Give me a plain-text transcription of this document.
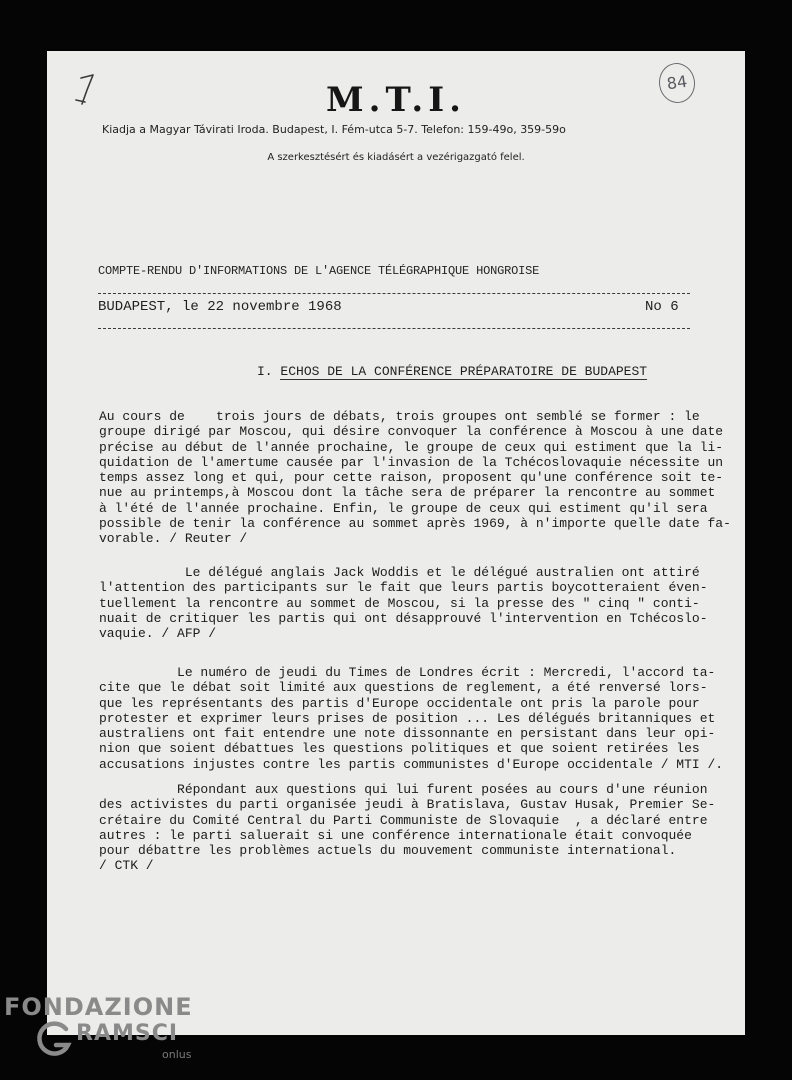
84
M.T.I.
Kiadja a Magyar Távirati Iroda. Budapest, I. Fém-utca 5-7. Telefon: 159-49o, 359-59o
A szerkesztésért és kiadásért a vezérigazgató felel.
COMPTE-RENDU D'INFORMATIONS DE L'AGENCE TÉLÉGRAPHIQUE HONGROISE
BUDAPEST, le 22 novembre 1968	No 6
I. ECHOS DE LA CONFÉRENCE PRÉPARATOIRE DE BUDAPEST
Au cours de    trois jours de débats, trois groupes ont semblé se former : le
groupe dirigé par Moscou, qui désire convoquer la conférence à Moscou à une date
précise au début de l'année prochaine, le groupe de ceux qui estiment que la li-
quidation de l'amertume causée par l'invasion de la Tchécoslovaquie nécessite un
temps assez long et qui, pour cette raison, proposent qu'une conférence soit te-
nue au printemps,à Moscou dont la tâche sera de préparer la rencontre au sommet
à l'été de l'année prochaine. Enfin, le groupe de ceux qui estiment qu'il sera
possible de tenir la conférence au sommet après 1969, à n'importe quelle date fa-
vorable. / Reuter /
Le délégué anglais Jack Woddis et le délégué australien ont attiré
l'attention des participants sur le fait que leurs partis boycotteraient éven-
tuellement la rencontre au sommet de Moscou, si la presse des " cinq " conti-
nuait de critiquer les partis qui ont désapprouvé l'intervention en Tchécoslo-
vaquie. / AFP /
Le numéro de jeudi du Times de Londres écrit : Mercredi, l'accord ta-
cite que le débat soit limité aux questions de reglement, a été renversé lors-
que les représentants des partis d'Europe occidentale ont pris la parole pour
protester et exprimer leurs prises de position ... Les délégués britanniques et
australiens ont fait entendre une note dissonnante en persistant dans leur opi-
nion que soient débattues les questions politiques et que soient retirées les
accusations injustes contre les partis communistes d'Europe occidentale / MTI /.
Répondant aux questions qui lui furent posées au cours d'une réunion
des activistes du parti organisée jeudi à Bratislava, Gustav Husak, Premier Se-
crétaire du Comité Central du Parti Communiste de Slovaquie  , a déclaré entre
autres : le parti saluerait si une conférence internationale était convoquée
pour débattre les problèmes actuels du mouvement communiste international.
/ CTK /
FONDAZIONE
RAMSCI
onlus
